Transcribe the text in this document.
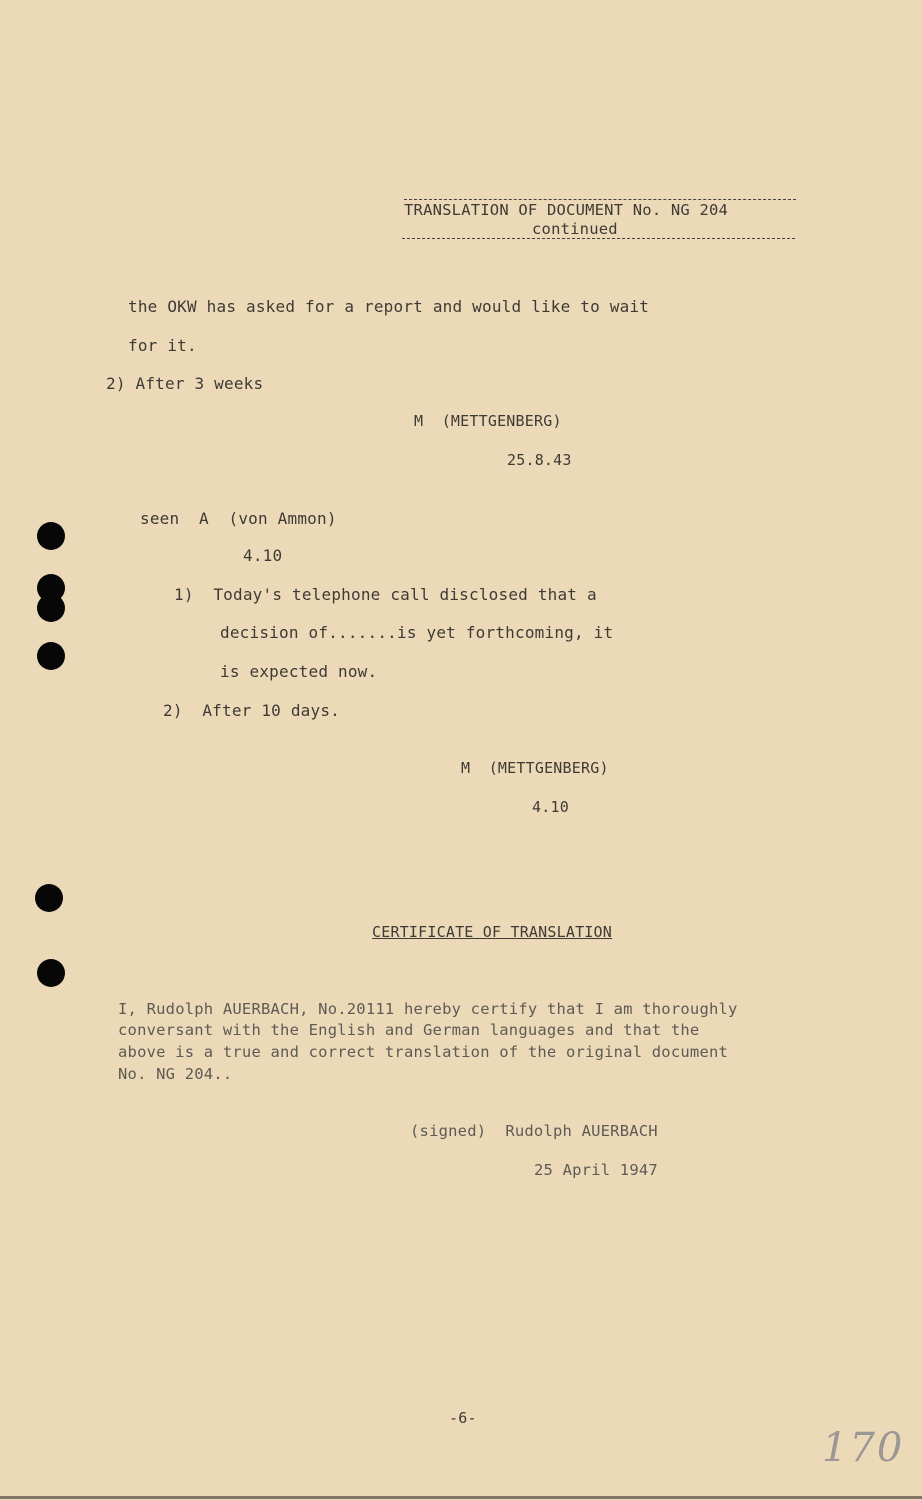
TRANSLATION OF DOCUMENT No. NG 204
continued
the OKW has asked for a report and would like to wait
for it.
2) After 3 weeks
M  (METTGENBERG)
25.8.43
seen  A  (von Ammon)
4.10
1)  Today's telephone call disclosed that a
decision of.......is yet forthcoming, it
is expected now.
2)  After 10 days.
M  (METTGENBERG)
4.10
CERTIFICATE OF TRANSLATION
I, Rudolph AUERBACH, No.20111 hereby certify that I am thoroughly
conversant with the English and German languages and that the
above is a true and correct translation of the original document
No. NG 204..
(signed)  Rudolph AUERBACH
25 April 1947
-6-
170
